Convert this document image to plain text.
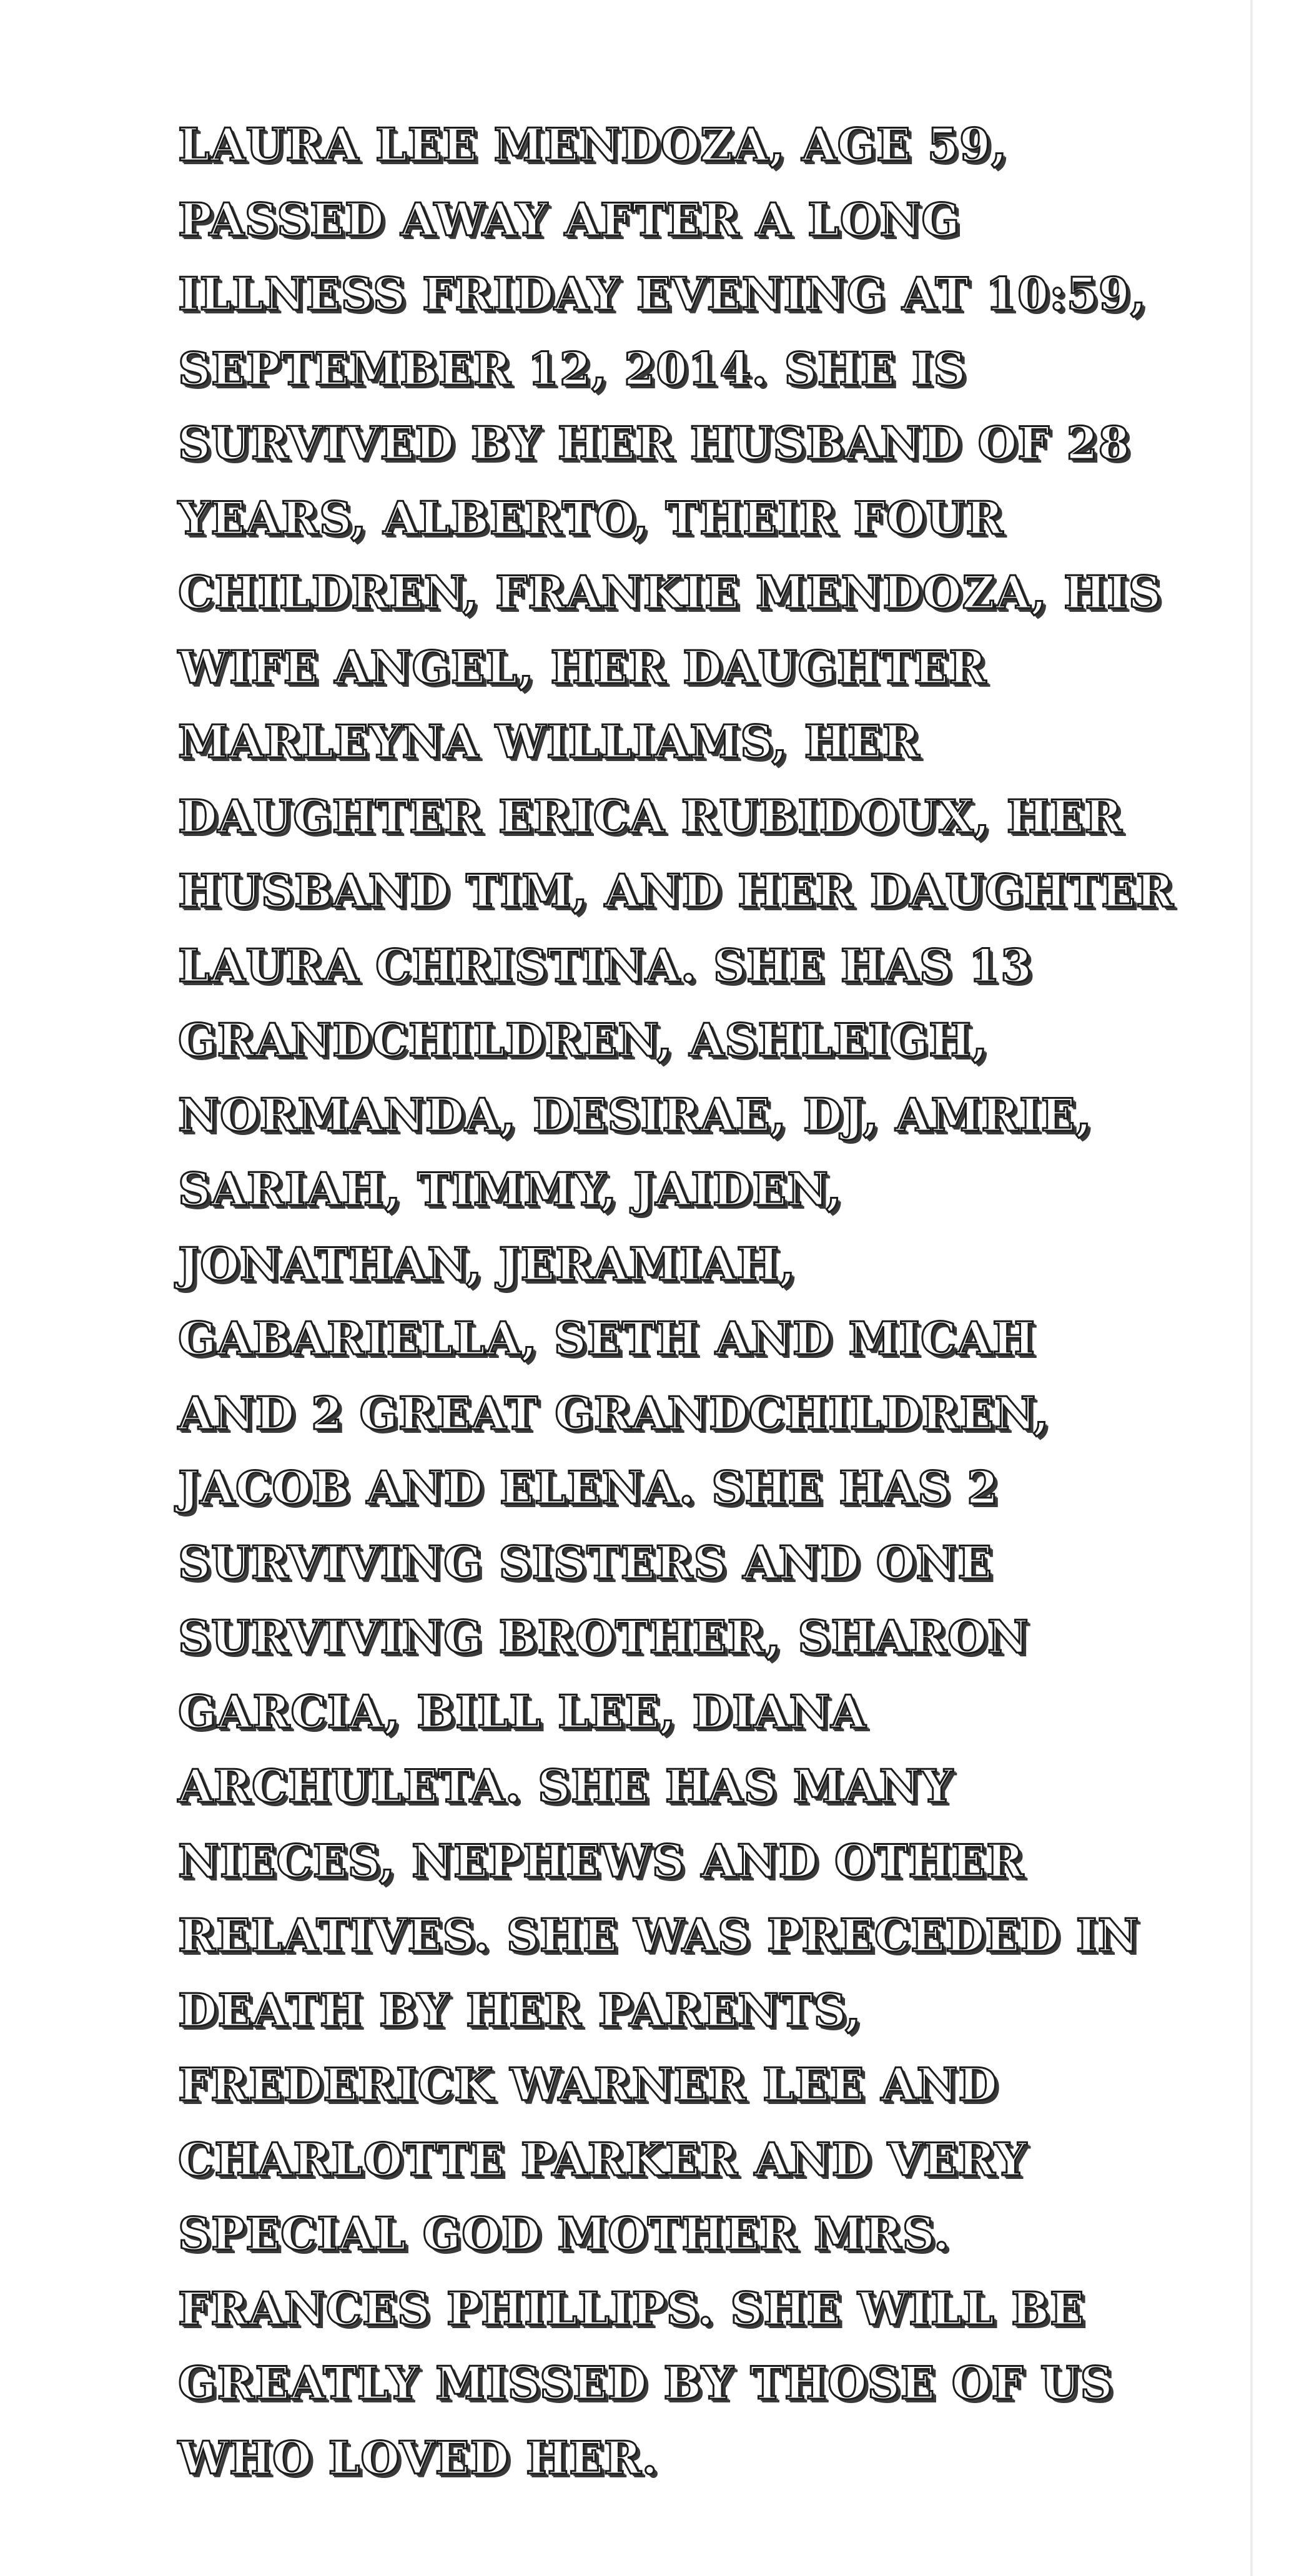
LAURA LEE MENDOZA, AGE 59,
PASSED AWAY AFTER A LONG
ILLNESS FRIDAY EVENING AT 10:59,
SEPTEMBER 12, 2014. SHE IS
SURVIVED BY HER HUSBAND OF 28
YEARS, ALBERTO, THEIR FOUR
CHILDREN, FRANKIE MENDOZA, HIS
WIFE ANGEL, HER DAUGHTER
MARLEYNA WILLIAMS, HER
DAUGHTER ERICA RUBIDOUX, HER
HUSBAND TIM, AND HER DAUGHTER
LAURA CHRISTINA. SHE HAS 13
GRANDCHILDREN, ASHLEIGH,
NORMANDA, DESIRAE, DJ, AMRIE,
SARIAH, TIMMY, JAIDEN,
JONATHAN, JERAMIAH,
GABARIELLA, SETH AND MICAH
AND 2 GREAT GRANDCHILDREN,
JACOB AND ELENA. SHE HAS 2
SURVIVING SISTERS AND ONE
SURVIVING BROTHER, SHARON
GARCIA, BILL LEE, DIANA
ARCHULETA. SHE HAS MANY
NIECES, NEPHEWS AND OTHER
RELATIVES. SHE WAS PRECEDED IN
DEATH BY HER PARENTS,
FREDERICK WARNER LEE AND
CHARLOTTE PARKER AND VERY
SPECIAL GOD MOTHER MRS.
FRANCES PHILLIPS. SHE WILL BE
GREATLY MISSED BY THOSE OF US
WHO LOVED HER.
